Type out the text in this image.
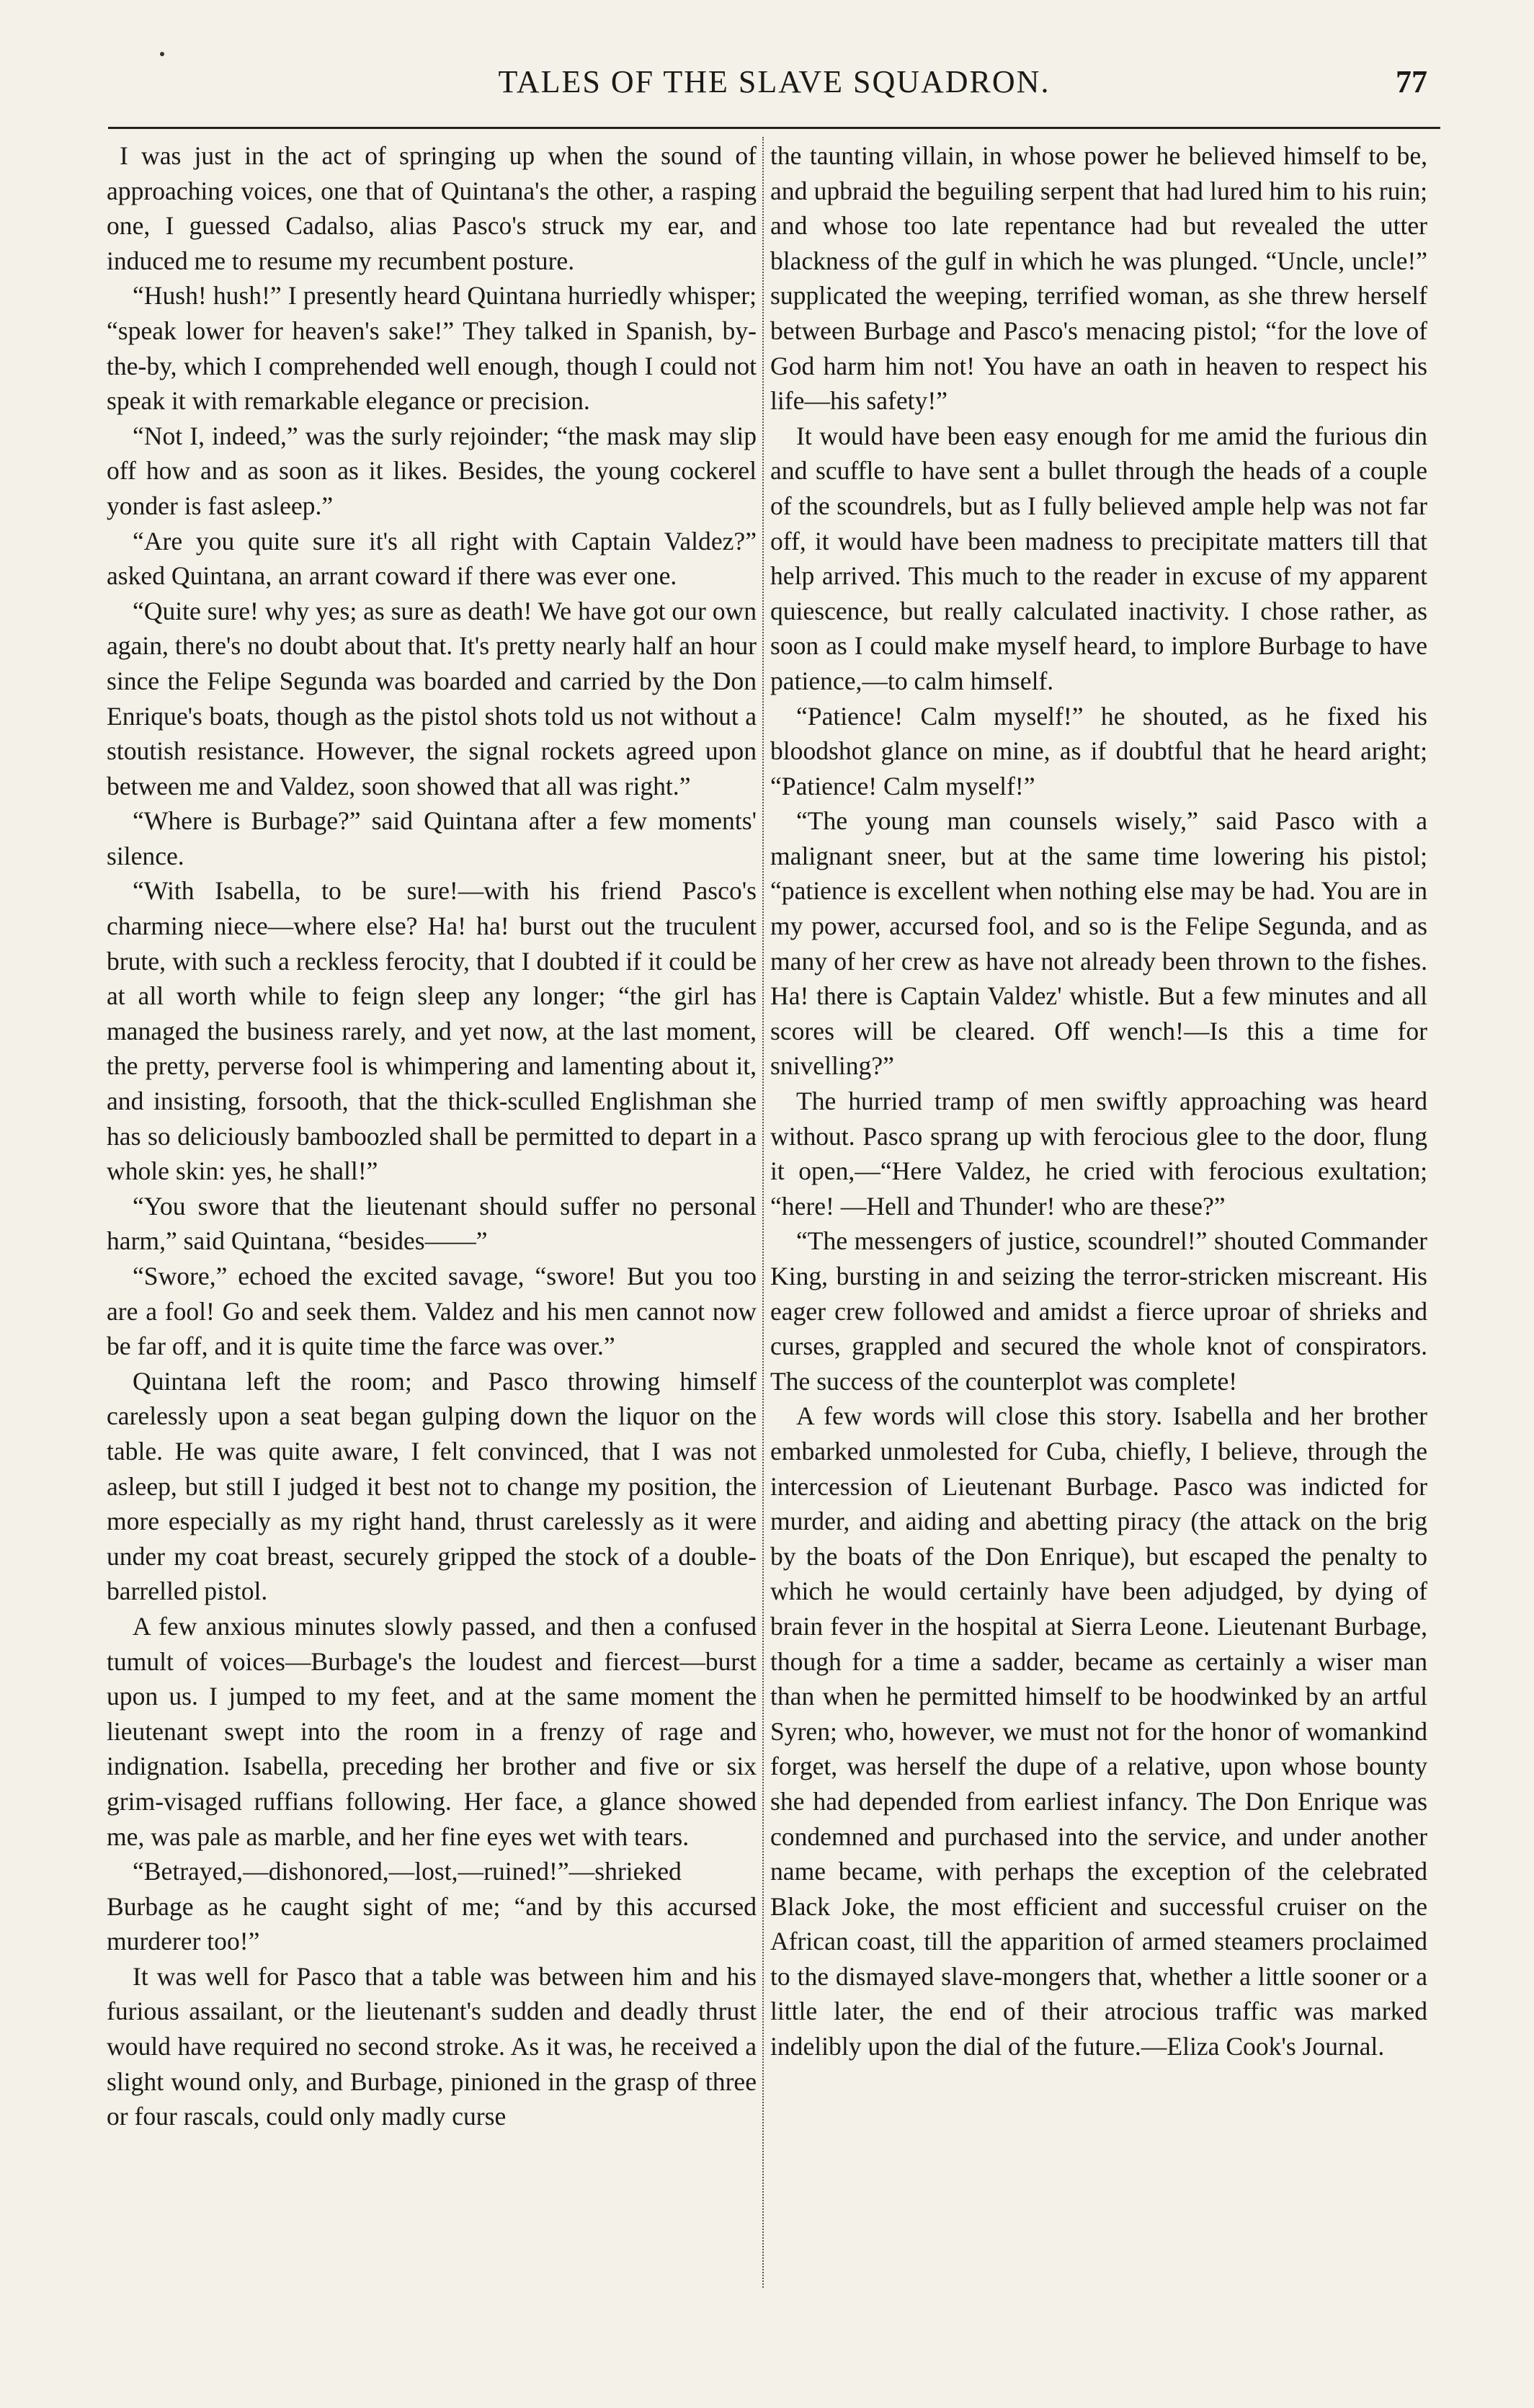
TALES OF THE SLAVE SQUADRON.	77

I was just in the act of springing up when the sound of approaching voices, one that of Quintana's the other, a rasping one, I guessed Cadalso, alias Pasco's struck my ear, and induced me to resume my recumbent posture.

“Hush! hush!” I presently heard Quintana hurriedly whisper; “speak lower for heaven's sake!” They talked in Spanish, by-the-by, which I comprehended well enough, though I could not speak it with remarkable elegance or precision.

“Not I, indeed,” was the surly rejoinder; “the mask may slip off how and as soon as it likes. Besides, the young cockerel yonder is fast asleep.”

“Are you quite sure it's all right with Captain Valdez?” asked Quintana, an arrant coward if there was ever one.

“Quite sure! why yes; as sure as death! We have got our own again, there's no doubt about that. It's pretty nearly half an hour since the Felipe Segunda was boarded and carried by the Don Enrique's boats, though as the pistol shots told us not without a stoutish resistance. However, the signal rockets agreed upon between me and Valdez, soon showed that all was right.”

“Where is Burbage?” said Quintana after a few moments' silence.

“With Isabella, to be sure!—with his friend Pasco's charming niece—where else? Ha! ha! burst out the truculent brute, with such a reckless ferocity, that I doubted if it could be at all worth while to feign sleep any longer; “the girl has managed the business rarely, and yet now, at the last moment, the pretty, perverse fool is whimpering and lamenting about it, and insisting, forsooth, that the thick-sculled Englishman she has so deliciously bamboozled shall be permitted to depart in a whole skin: yes, he shall!”

“You swore that the lieutenant should suffer no personal harm,” said Quintana, “besides——”

“Swore,” echoed the excited savage, “swore! But you too are a fool! Go and seek them. Valdez and his men cannot now be far off, and it is quite time the farce was over.”

Quintana left the room; and Pasco throwing himself carelessly upon a seat began gulping down the liquor on the table. He was quite aware, I felt convinced, that I was not asleep, but still I judged it best not to change my position, the more especially as my right hand, thrust carelessly as it were under my coat breast, securely gripped the stock of a double-barrelled pistol.

A few anxious minutes slowly passed, and then a confused tumult of voices—Burbage's the loudest and fiercest—burst upon us. I jumped to my feet, and at the same moment the lieutenant swept into the room in a frenzy of rage and indignation. Isabella, preceding her brother and five or six grim-visaged ruffians following. Her face, a glance showed me, was pale as marble, and her fine eyes wet with tears.

“Betrayed,—dishonored,—lost,—ruined!”—shrieked Burbage as he caught sight of me; “and by this accursed murderer too!”

It was well for Pasco that a table was between him and his furious assailant, or the lieutenant's sudden and deadly thrust would have required no second stroke. As it was, he received a slight wound only, and Burbage, pinioned in the grasp of three or four rascals, could only madly curse

the taunting villain, in whose power he believed himself to be, and upbraid the beguiling serpent that had lured him to his ruin; and whose too late repentance had but revealed the utter blackness of the gulf in which he was plunged. “Uncle, uncle!” supplicated the weeping, terrified woman, as she threw herself between Burbage and Pasco's menacing pistol; “for the love of God harm him not! You have an oath in heaven to respect his life—his safety!”

It would have been easy enough for me amid the furious din and scuffle to have sent a bullet through the heads of a couple of the scoundrels, but as I fully believed ample help was not far off, it would have been madness to precipitate matters till that help arrived. This much to the reader in excuse of my apparent quiescence, but really calculated inactivity. I chose rather, as soon as I could make myself heard, to implore Burbage to have patience,—to calm himself.

“Patience! Calm myself!” he shouted, as he fixed his bloodshot glance on mine, as if doubtful that he heard aright; “Patience! Calm myself!”

“The young man counsels wisely,” said Pasco with a malignant sneer, but at the same time lowering his pistol; “patience is excellent when nothing else may be had. You are in my power, accursed fool, and so is the Felipe Segunda, and as many of her crew as have not already been thrown to the fishes. Ha! there is Captain Valdez' whistle. But a few minutes and all scores will be cleared. Off wench!—Is this a time for snivelling?”

The hurried tramp of men swiftly approaching was heard without. Pasco sprang up with ferocious glee to the door, flung it open,—“Here Valdez, he cried with ferocious exultation; “here! —Hell and Thunder! who are these?”

“The messengers of justice, scoundrel!” shouted Commander King, bursting in and seizing the terror-stricken miscreant. His eager crew followed and amidst a fierce uproar of shrieks and curses, grappled and secured the whole knot of conspirators. The success of the counterplot was complete!

A few words will close this story. Isabella and her brother embarked unmolested for Cuba, chiefly, I believe, through the intercession of Lieutenant Burbage. Pasco was indicted for murder, and aiding and abetting piracy (the attack on the brig by the boats of the Don Enrique), but escaped the penalty to which he would certainly have been adjudged, by dying of brain fever in the hospital at Sierra Leone. Lieutenant Burbage, though for a time a sadder, became as certainly a wiser man than when he permitted himself to be hoodwinked by an artful Syren; who, however, we must not for the honor of womankind forget, was herself the dupe of a relative, upon whose bounty she had depended from earliest infancy. The Don Enrique was condemned and purchased into the service, and under another name became, with perhaps the exception of the celebrated Black Joke, the most efficient and successful cruiser on the African coast, till the apparition of armed steamers proclaimed to the dismayed slave-mongers that, whether a little sooner or a little later, the end of their atrocious traffic was marked indelibly upon the dial of the future.—Eliza Cook's Journal.
